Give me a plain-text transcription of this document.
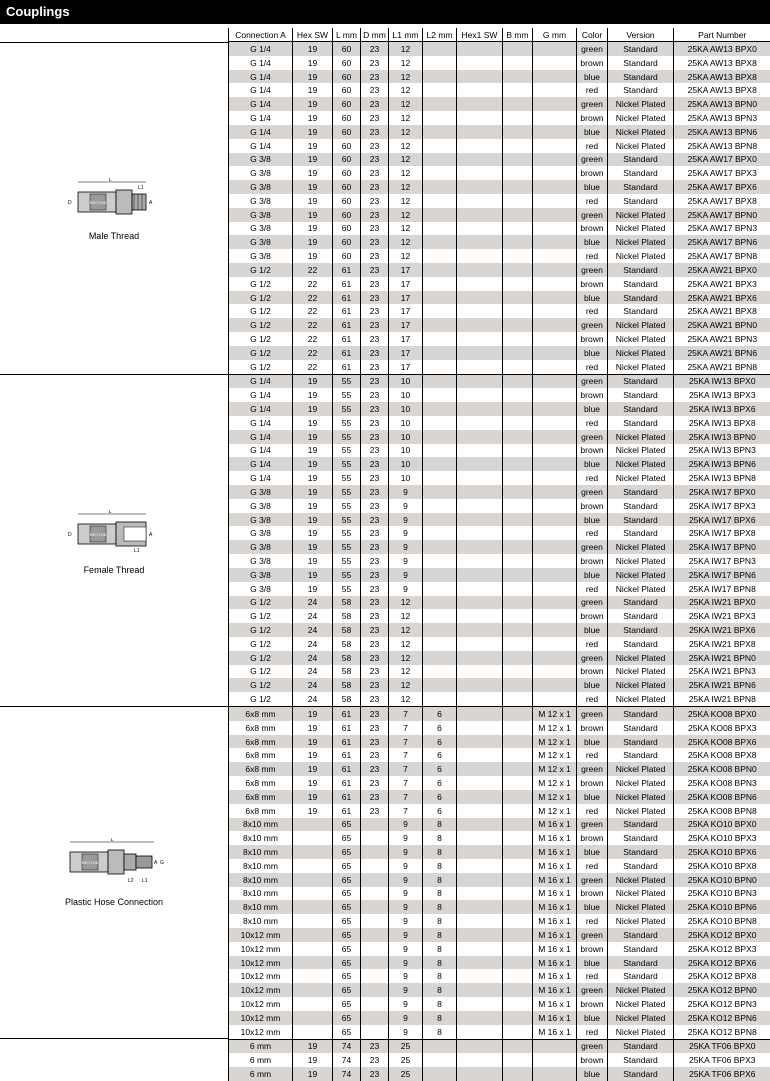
Couplings
L
RECTUS
D	A
L1
Male Thread
L
RECTUS
D	A
L1
Female Thread
L
RECTUS
L2 L1
A G
Plastic Hose Connection
Connection A	Hex SW	L mm	D mm	L1 mm	L2 mm	Hex1 SW	B mm	G mm	Color	Version	Part Number
G 1/4	19	60	23	12					green	Standard	25KA AW13 BPX0
G 1/4	19	60	23	12					brown	Standard	25KA AW13 BPX8
G 1/4	19	60	23	12					blue	Standard	25KA AW13 BPX8
G 1/4	19	60	23	12					red	Standard	25KA AW13 BPX8
G 1/4	19	60	23	12					green	Nickel Plated	25KA AW13 BPN0
G 1/4	19	60	23	12					brown	Nickel Plated	25KA AW13 BPN3
G 1/4	19	60	23	12					blue	Nickel Plated	25KA AW13 BPN6
G 1/4	19	60	23	12					red	Nickel Plated	25KA AW13 BPN8
G 3/8	19	60	23	12					green	Standard	25KA AW17 BPX0
G 3/8	19	60	23	12					brown	Standard	25KA AW17 BPX3
G 3/8	19	60	23	12					blue	Standard	25KA AW17 BPX6
G 3/8	19	60	23	12					red	Standard	25KA AW17 BPX8
G 3/8	19	60	23	12					green	Nickel Plated	25KA AW17 BPN0
G 3/8	19	60	23	12					brown	Nickel Plated	25KA AW17 BPN3
G 3/8	19	60	23	12					blue	Nickel Plated	25KA AW17 BPN6
G 3/8	19	60	23	12					red	Nickel Plated	25KA AW17 BPN8
G 1/2	22	61	23	17					green	Standard	25KA AW21 BPX0
G 1/2	22	61	23	17					brown	Standard	25KA AW21 BPX3
G 1/2	22	61	23	17					blue	Standard	25KA AW21 BPX6
G 1/2	22	61	23	17					red	Standard	25KA AW21 BPX8
G 1/2	22	61	23	17					green	Nickel Plated	25KA AW21 BPN0
G 1/2	22	61	23	17					brown	Nickel Plated	25KA AW21 BPN3
G 1/2	22	61	23	17					blue	Nickel Plated	25KA AW21 BPN6
G 1/2	22	61	23	17					red	Nickel Plated	25KA AW21 BPN8
G 1/4	19	55	23	10					green	Standard	25KA IW13 BPX0
G 1/4	19	55	23	10					brown	Standard	25KA IW13 BPX3
G 1/4	19	55	23	10					blue	Standard	25KA IW13 BPX6
G 1/4	19	55	23	10					red	Standard	25KA IW13 BPX8
G 1/4	19	55	23	10					green	Nickel Plated	25KA IW13 BPN0
G 1/4	19	55	23	10					brown	Nickel Plated	25KA IW13 BPN3
G 1/4	19	55	23	10					blue	Nickel Plated	25KA IW13 BPN6
G 1/4	19	55	23	10					red	Nickel Plated	25KA IW13 BPN8
G 3/8	19	55	23	9					green	Standard	25KA IW17 BPX0
G 3/8	19	55	23	9					brown	Standard	25KA IW17 BPX3
G 3/8	19	55	23	9					blue	Standard	25KA IW17 BPX6
G 3/8	19	55	23	9					red	Standard	25KA IW17 BPX8
G 3/8	19	55	23	9					green	Nickel Plated	25KA IW17 BPN0
G 3/8	19	55	23	9					brown	Nickel Plated	25KA IW17 BPN3
G 3/8	19	55	23	9					blue	Nickel Plated	25KA IW17 BPN6
G 3/8	19	55	23	9					red	Nickel Plated	25KA IW17 BPN8
G 1/2	24	58	23	12					green	Standard	25KA IW21 BPX0
G 1/2	24	58	23	12					brown	Standard	25KA IW21 BPX3
G 1/2	24	58	23	12					blue	Standard	25KA IW21 BPX6
G 1/2	24	58	23	12					red	Standard	25KA IW21 BPX8
G 1/2	24	58	23	12					green	Nickel Plated	25KA IW21 BPN0
G 1/2	24	58	23	12					brown	Nickel Plated	25KA IW21 BPN3
G 1/2	24	58	23	12					blue	Nickel Plated	25KA IW21 BPN6
G 1/2	24	58	23	12					red	Nickel Plated	25KA IW21 BPN8
6x8 mm	19	61	23	7	6			M 12 x 1	green	Standard	25KA KO08 BPX0
6x8 mm	19	61	23	7	6			M 12 x 1	brown	Standard	25KA KO08 BPX3
6x8 mm	19	61	23	7	6			M 12 x 1	blue	Standard	25KA KO08 BPX6
6x8 mm	19	61	23	7	6			M 12 x 1	red	Standard	25KA KO08 BPX8
6x8 mm	19	61	23	7	6			M 12 x 1	green	Nickel Plated	25KA KO08 BPN0
6x8 mm	19	61	23	7	6			M 12 x 1	brown	Nickel Plated	25KA KO08 BPN3
6x8 mm	19	61	23	7	6			M 12 x 1	blue	Nickel Plated	25KA KO08 BPN6
6x8 mm	19	61	23	7	6			M 12 x 1	red	Nickel Plated	25KA KO08 BPN8
8x10 mm		65		9	8			M 16 x 1	green	Standard	25KA KO10 BPX0
8x10 mm		65		9	8			M 16 x 1	brown	Standard	25KA KO10 BPX3
8x10 mm		65		9	8			M 16 x 1	blue	Standard	25KA KO10 BPX6
8x10 mm		65		9	8			M 16 x 1	red	Standard	25KA KO10 BPX8
8x10 mm		65		9	8			M 16 x 1	green	Nickel Plated	25KA KO10 BPN0
8x10 mm		65		9	8			M 16 x 1	brown	Nickel Plated	25KA KO10 BPN3
8x10 mm		65		9	8			M 16 x 1	blue	Nickel Plated	25KA KO10 BPN6
8x10 mm		65		9	8			M 16 x 1	red	Nickel Plated	25KA KO10 BPN8
10x12 mm		65		9	8			M 16 x 1	green	Standard	25KA KO12 BPX0
10x12 mm		65		9	8			M 16 x 1	brown	Standard	25KA KO12 BPX3
10x12 mm		65		9	8			M 16 x 1	blue	Standard	25KA KO12 BPX6
10x12 mm		65		9	8			M 16 x 1	red	Standard	25KA KO12 BPX8
10x12 mm		65		9	8			M 16 x 1	green	Nickel Plated	25KA KO12 BPN0
10x12 mm		65		9	8			M 16 x 1	brown	Nickel Plated	25KA KO12 BPN3
10x12 mm		65		9	8			M 16 x 1	blue	Nickel Plated	25KA KO12 BPN6
10x12 mm		65		9	8			M 16 x 1	red	Nickel Plated	25KA KO12 BPN8
6 mm	19	74	23	25					green	Standard	25KA TF06 BPX0
6 mm	19	74	23	25					brown	Standard	25KA TF06 BPX3
6 mm	19	74	23	25					blue	Standard	25KA TF06 BPX6
